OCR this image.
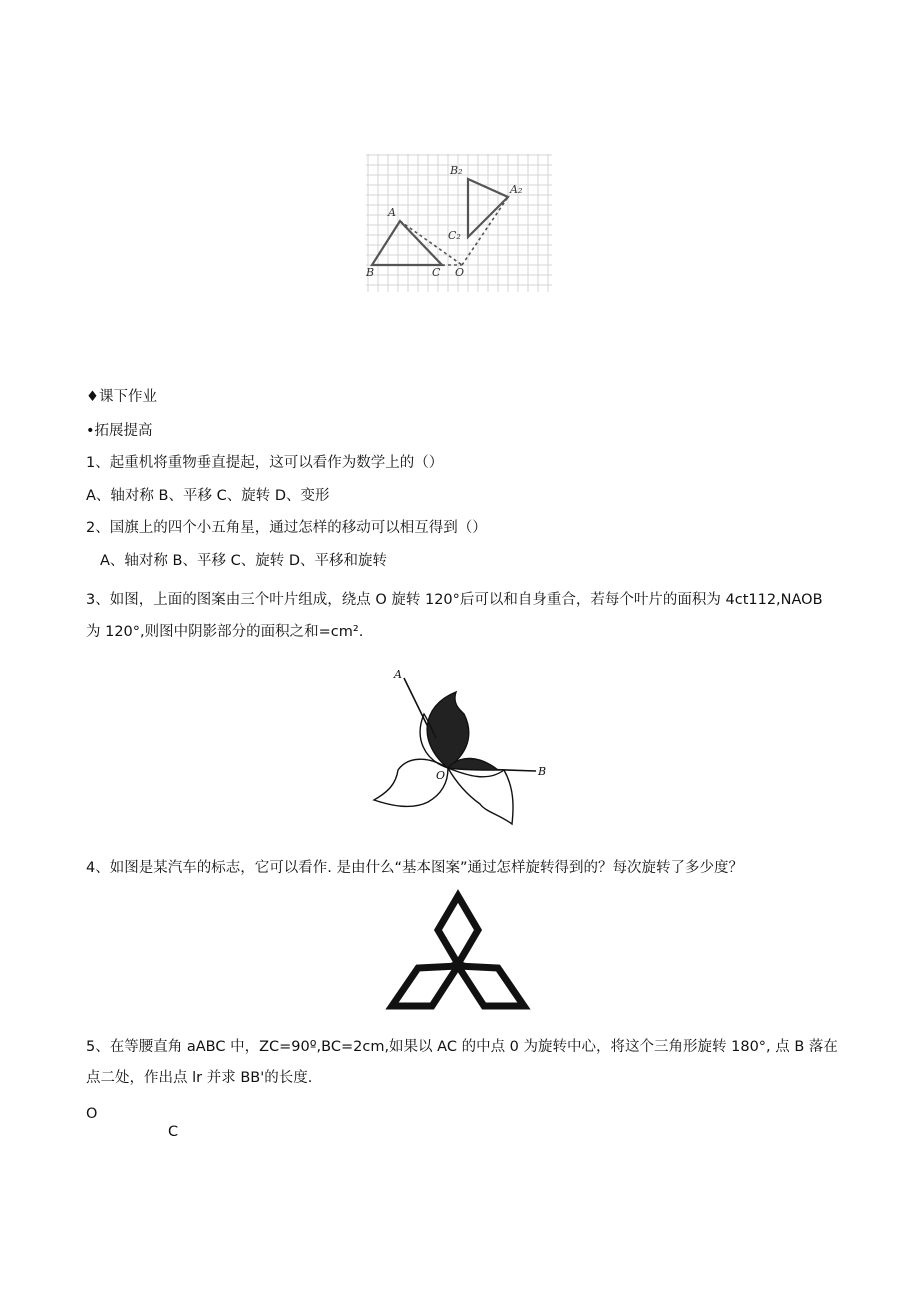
A
B	C O
A₂
B₂
C₂
♦课下作业
•拓展提高
1、起重机将重物垂直提起，这可以看作为数学上的（）
A、轴对称 B、平移 C、旋转 D、变形
2、国旗上的四个小五角星，通过怎样的移动可以相互得到（）
A、轴对称 B、平移 C、旋转 D、平移和旋转
3、如图，上面的图案由三个叶片组成，绕点 O 旋转 120°后可以和自身重合，若每个叶片的面积为 4ct112,NAOB
为 120°,则图中阴影部分的面积之和=cm².
A
B
O
4、如图是某汽车的标志，它可以看作. 是由什么“基本图案”通过怎样旋转得到的？每次旋转了多少度？
5、在等腰直角 aABC 中，ZC=90º,BC=2cm,如果以 AC 的中点 0 为旋转中心，将这个三角形旋转 180°, 点 B 落在
点二处，作出点 lr 并求 BB'的长度.
O
C
